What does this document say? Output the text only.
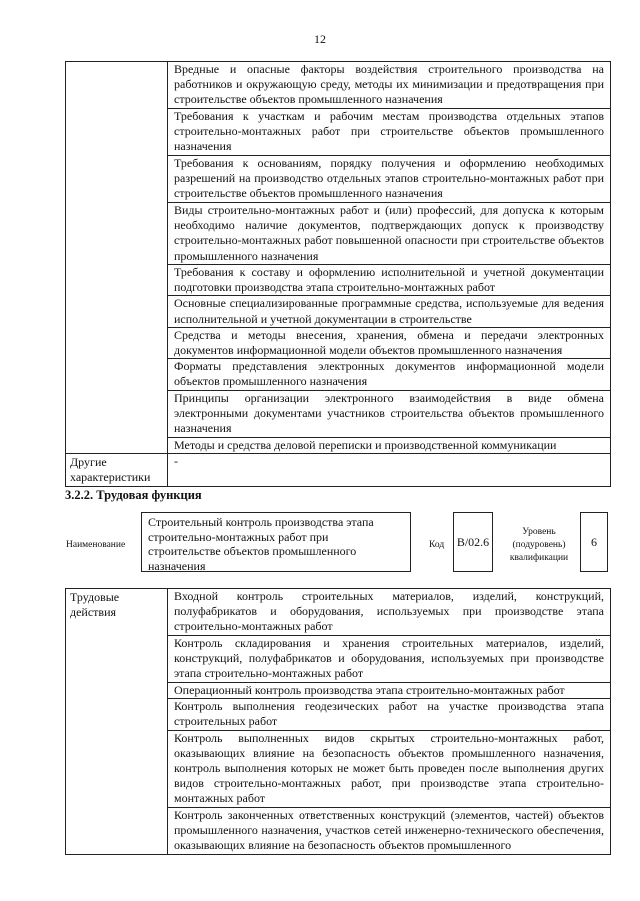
12
	Вредные и опасные факторы воздействия строительного производства на работников и окружающую среду, методы их минимизации и предотвращения при строительстве объектов промышленного назначения
	Требования к участкам и рабочим местам производства отдельных этапов строительно-монтажных работ при строительстве объектов промышленного назначения
	Требования к основаниям, порядку получения и оформлению необходимых разрешений на производство отдельных этапов строительно-монтажных работ при строительстве объектов промышленного назначения
	Виды строительно-монтажных работ и (или) профессий, для допуска к которым необходимо наличие документов, подтверждающих допуск к производству строительно-монтажных работ повышенной опасности при строительстве объектов промышленного назначения
	Требования к составу и оформлению исполнительной и учетной документации подготовки производства этапа строительно-монтажных работ
	Основные специализированные программные средства, используемые для ведения исполнительной и учетной документации в строительстве
	Средства и методы внесения, хранения, обмена и передачи электронных документов информационной модели объектов промышленного назначения
	Форматы представления электронных документов информационной модели объектов промышленного назначения
	Принципы организации электронного взаимодействия в виде обмена электронными документами участников строительства объектов промышленного назначения
	Методы и средства деловой переписки и производственной коммуникации
Другие характеристики	-
3.2.2. Трудовая функция
Наименование
Строительный контроль производства этапа строительно-монтажных работ при строительстве объектов промышленного назначения
Код	B/02.6
Уровень (подуровень) квалификации
6
Трудовые действия	Входной контроль строительных материалов, изделий, конструкций, полуфабрикатов и оборудования, используемых при производстве этапа строительно-монтажных работ
Контроль складирования и хранения строительных материалов, изделий, конструкций, полуфабрикатов и оборудования, используемых при производстве этапа строительно-монтажных работ
Операционный контроль производства этапа строительно-монтажных работ
Контроль выполнения геодезических работ на участке производства этапа строительных работ
Контроль выполненных видов скрытых строительно-монтажных работ, оказывающих влияние на безопасность объектов промышленного назначения, контроль выполнения которых не может быть проведен после выполнения других видов строительно-монтажных работ, при производстве этапа строительно-монтажных работ
Контроль законченных ответственных конструкций (элементов, частей) объектов промышленного назначения, участков сетей инженерно-технического обеспечения, оказывающих влияние на безопасность объектов промышленного
